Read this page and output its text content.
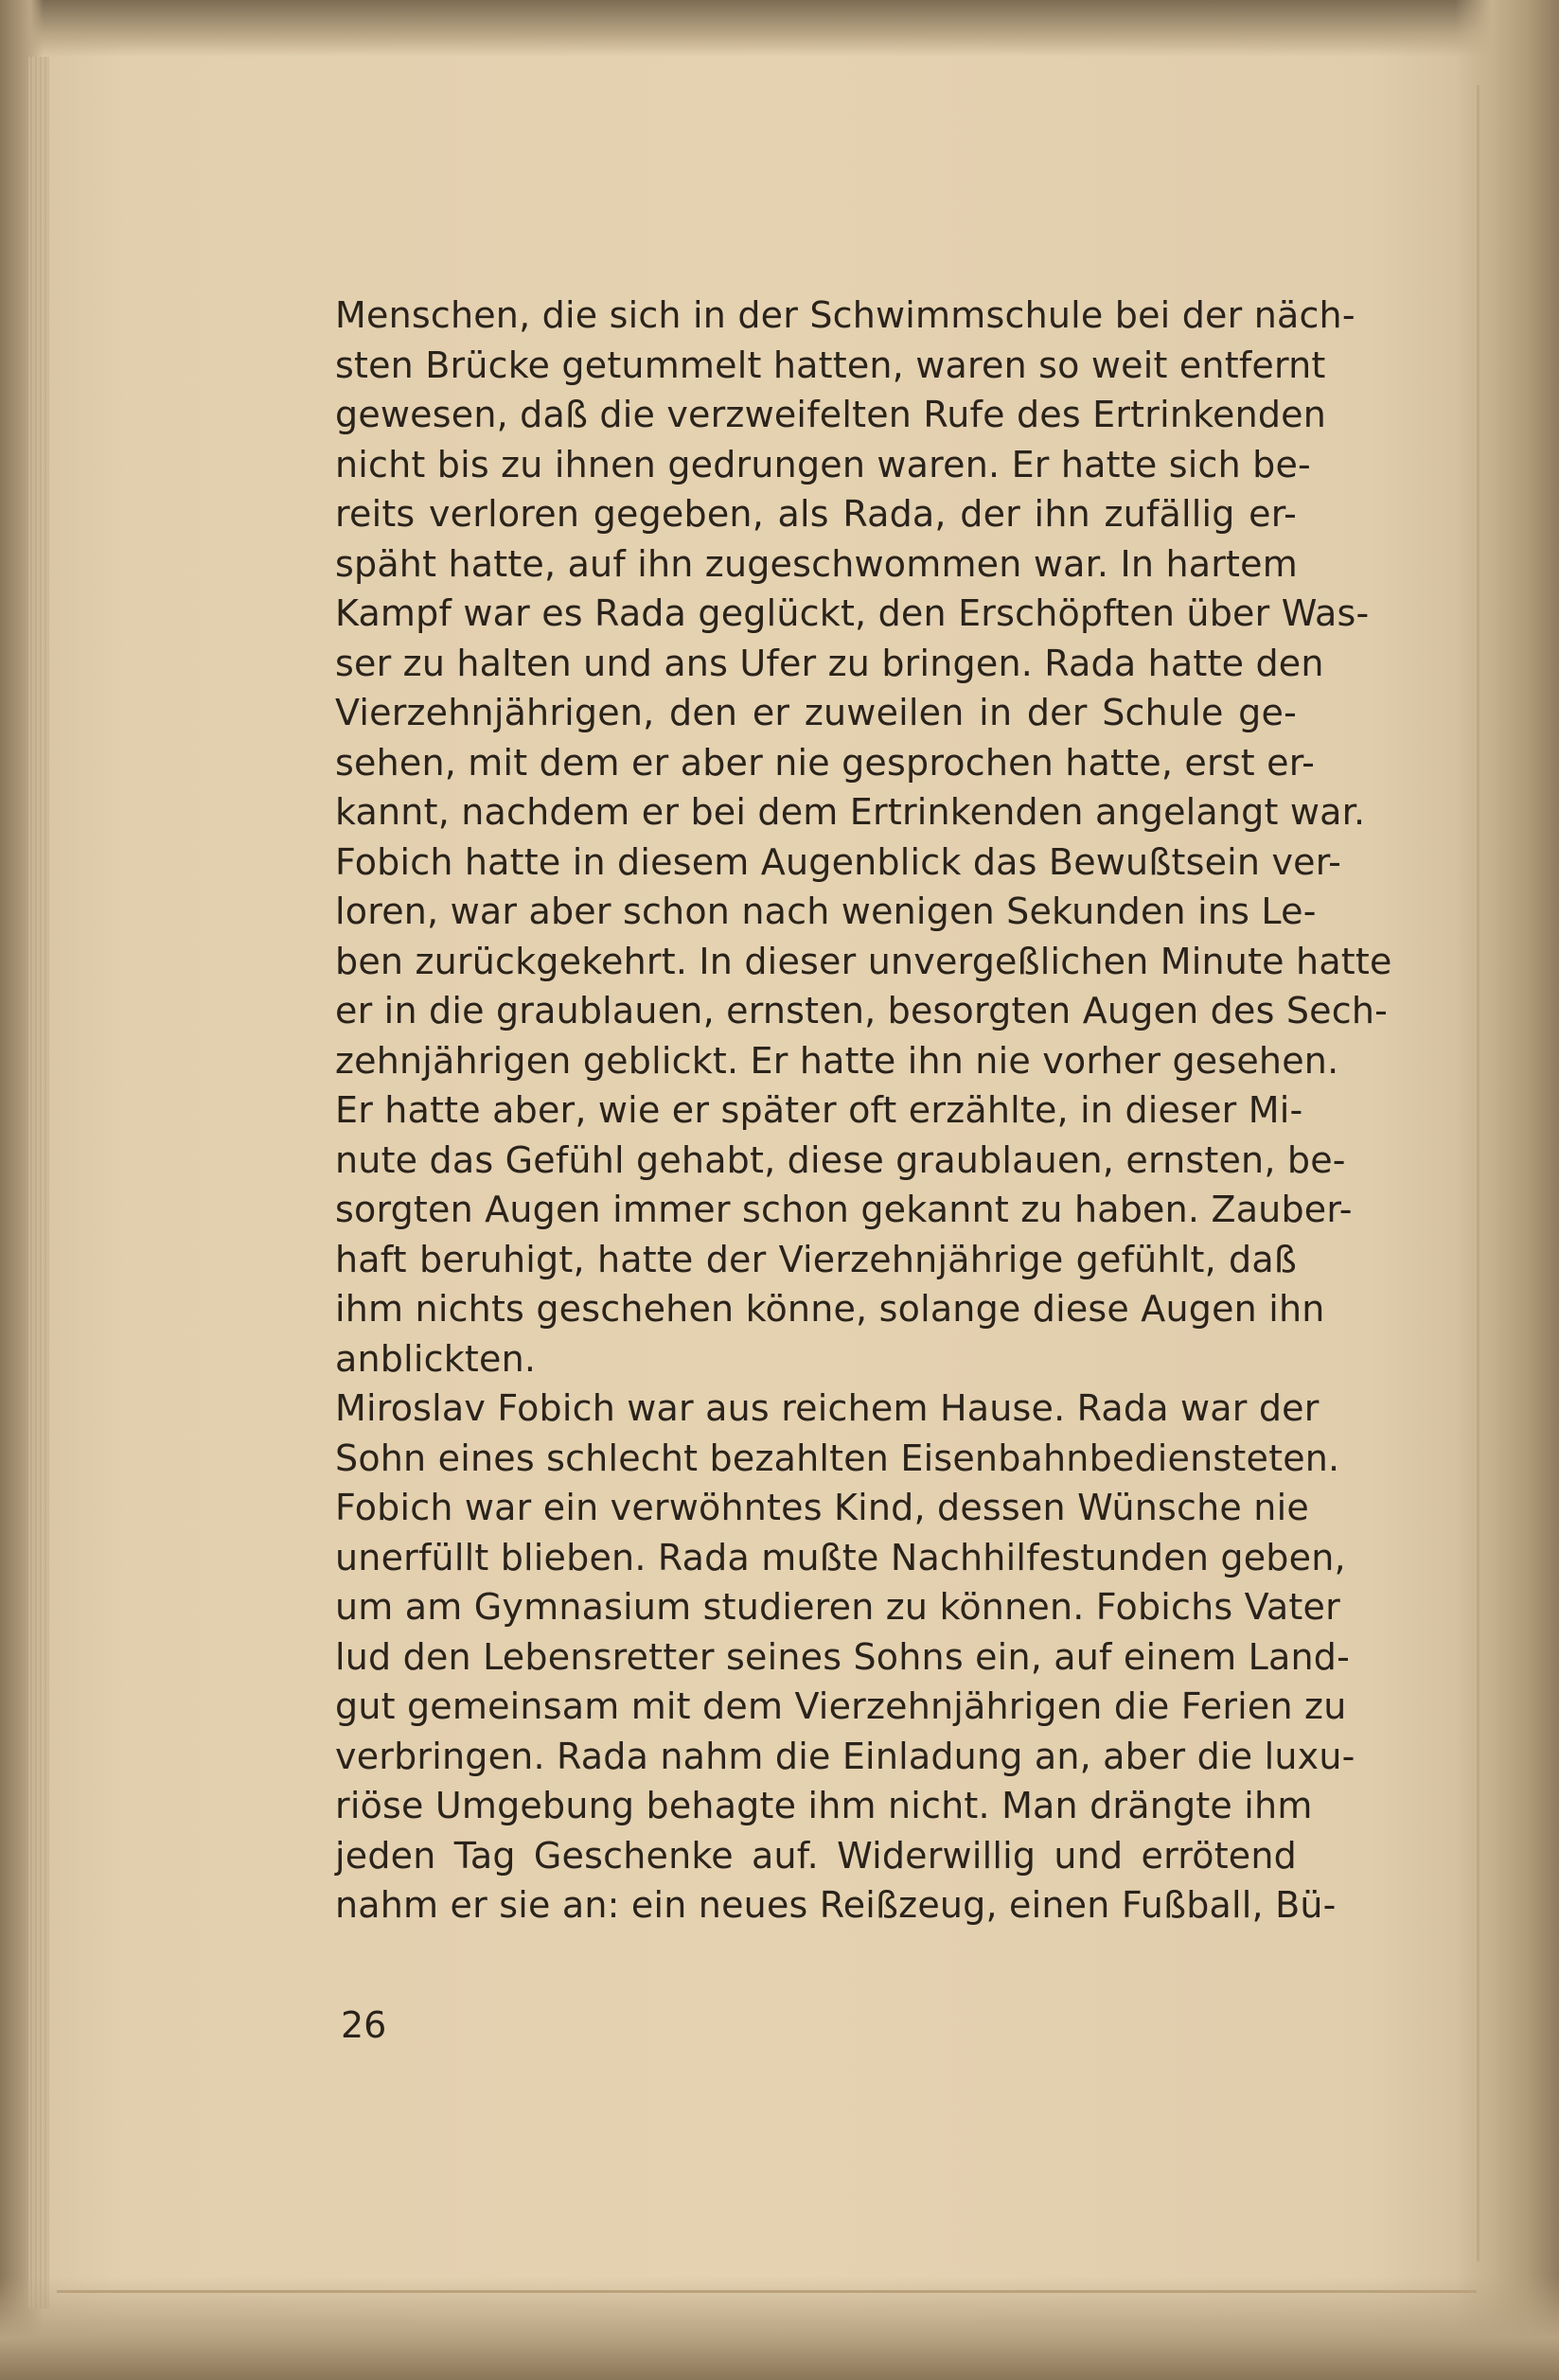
Menschen, die sich in der Schwimmschule bei der näch-
sten Brücke getummelt hatten, waren so weit entfernt
gewesen, daß die verzweifelten Rufe des Ertrinkenden
nicht bis zu ihnen gedrungen waren. Er hatte sich be-
reits verloren gegeben, als Rada, der ihn zufällig er-
späht hatte, auf ihn zugeschwommen war. In hartem
Kampf war es Rada geglückt, den Erschöpften über Was-
ser zu halten und ans Ufer zu bringen. Rada hatte den
Vierzehnjährigen, den er zuweilen in der Schule ge-
sehen, mit dem er aber nie gesprochen hatte, erst er-
kannt, nachdem er bei dem Ertrinkenden angelangt war.
Fobich hatte in diesem Augenblick das Bewußtsein ver-
loren, war aber schon nach wenigen Sekunden ins Le-
ben zurückgekehrt. In dieser unvergeßlichen Minute hatte
er in die graublauen, ernsten, besorgten Augen des Sech-
zehnjährigen geblickt. Er hatte ihn nie vorher gesehen.
Er hatte aber, wie er später oft erzählte, in dieser Mi-
nute das Gefühl gehabt, diese graublauen, ernsten, be-
sorgten Augen immer schon gekannt zu haben. Zauber-
haft beruhigt, hatte der Vierzehnjährige gefühlt, daß
ihm nichts geschehen könne, solange diese Augen ihn
anblickten.
Miroslav Fobich war aus reichem Hause. Rada war der
Sohn eines schlecht bezahlten Eisenbahnbediensteten.
Fobich war ein verwöhntes Kind, dessen Wünsche nie
unerfüllt blieben. Rada mußte Nachhilfestunden geben,
um am Gymnasium studieren zu können. Fobichs Vater
lud den Lebensretter seines Sohns ein, auf einem Land-
gut gemeinsam mit dem Vierzehnjährigen die Ferien zu
verbringen. Rada nahm die Einladung an, aber die luxu-
riöse Umgebung behagte ihm nicht. Man drängte ihm
jeden Tag Geschenke auf. Widerwillig und errötend
nahm er sie an: ein neues Reißzeug, einen Fußball, Bü-
26
